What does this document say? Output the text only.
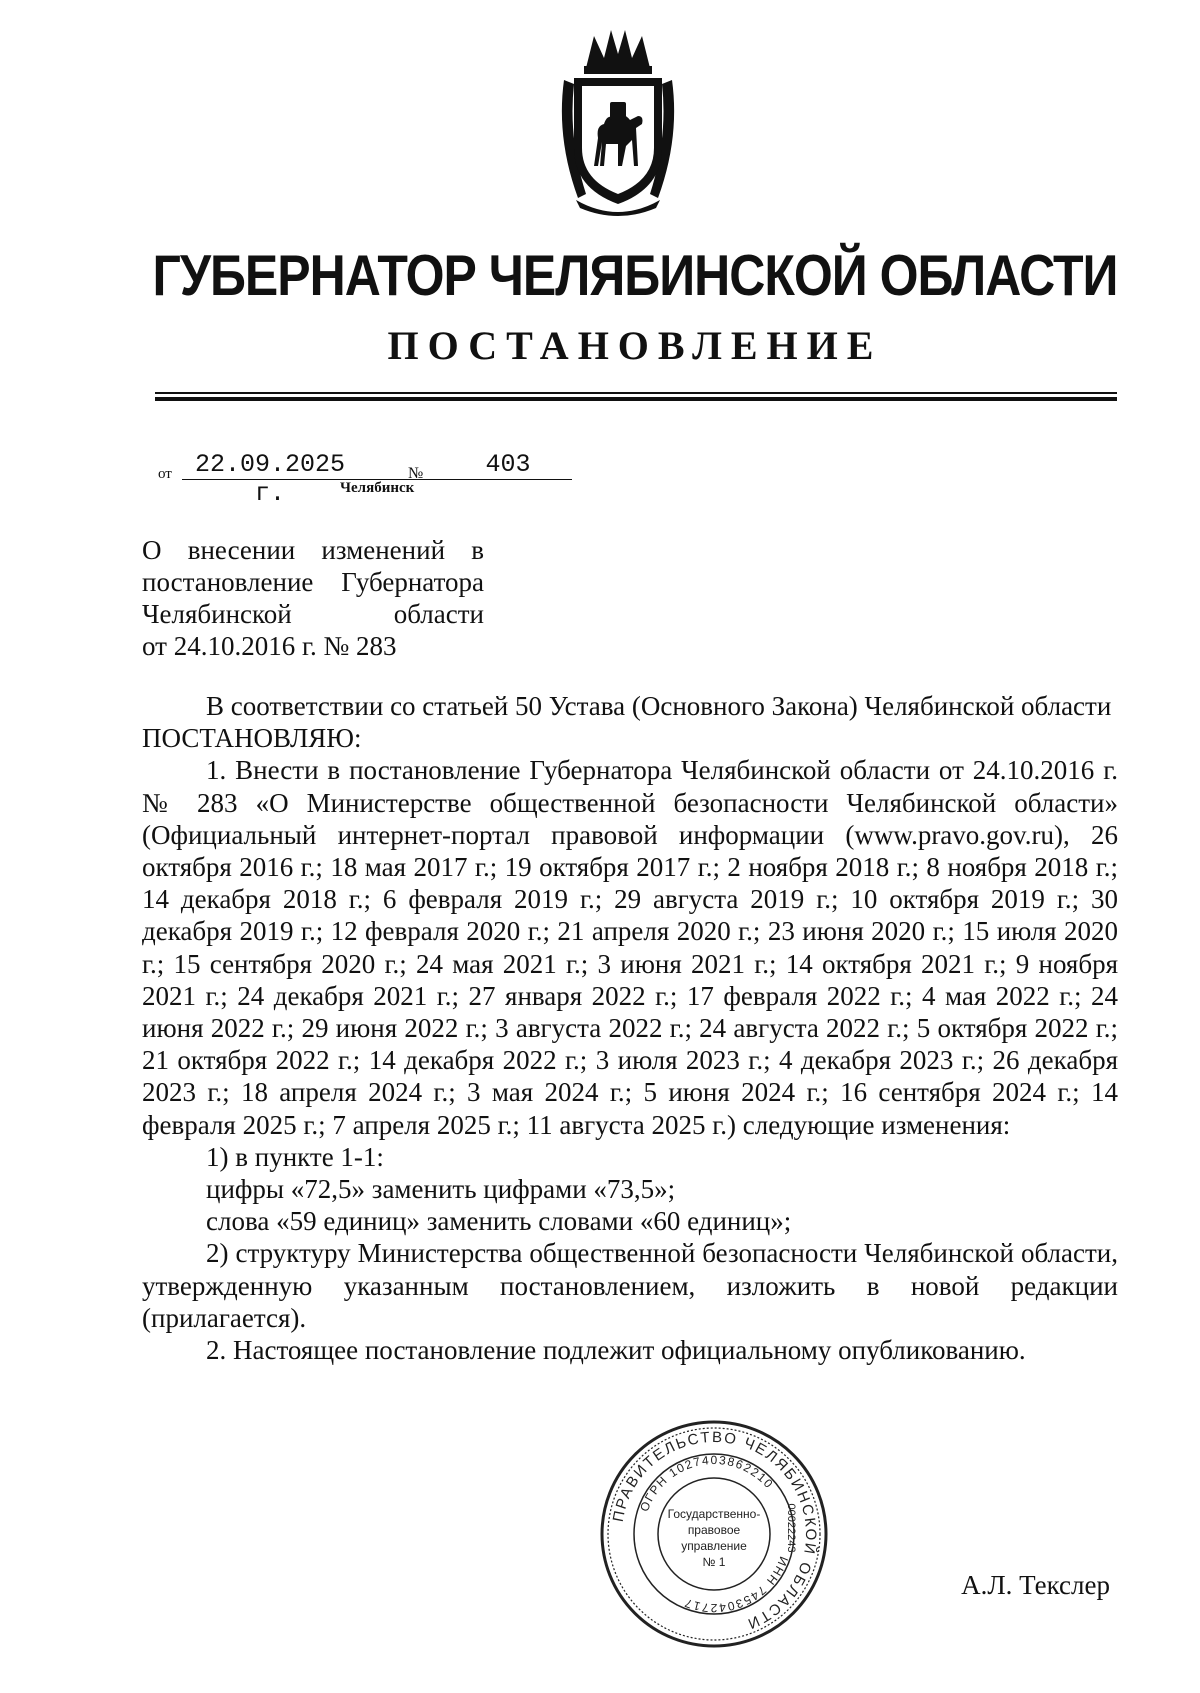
ГУБЕРНАТОР ЧЕЛЯБИНСКОЙ ОБЛАСТИ
ПОСТАНОВЛЕНИЕ
от 22.09.2025 г.
№	403
Челябинск
О внесении изменений в
постановление Губернатора
Челябинской области
от 24.10.2016 г. № 283

В соответствии со статьей 50 Устава (Основного Закона) Челябинской области

ПОСТАНОВЛЯЮ:

1. Внести в постановление Губернатора Челябинской области от 24.10.2016 г. № 283 «О Министерстве общественной безопасности Челябинской области» (Официальный интернет-портал правовой информации (www.pravo.gov.ru), 26 октября 2016 г.; 18 мая 2017 г.; 19 октября 2017 г.; 2 ноября 2018 г.; 8 ноября 2018 г.; 14 декабря 2018 г.; 6 февраля 2019 г.; 29 августа 2019 г.; 10 октября 2019 г.; 30 декабря 2019 г.; 12 февраля 2020 г.; 21 апреля 2020 г.; 23 июня 2020 г.; 15 июля 2020 г.; 15 сентября 2020 г.; 24 мая 2021 г.; 3 июня 2021 г.; 14 октября 2021 г.; 9 ноября 2021 г.; 24 декабря 2021 г.; 27 января 2022 г.; 17 февраля 2022 г.; 4 мая 2022 г.; 24 июня 2022 г.; 29 июня 2022 г.; 3 августа 2022 г.; 24 августа 2022 г.; 5 октября 2022 г.; 21 октября 2022 г.; 14 декабря 2022 г.; 3 июля 2023 г.; 4 декабря 2023 г.; 26 декабря 2023 г.; 18 апреля 2024 г.; 3 мая 2024 г.; 5 июня 2024 г.; 16 сентября 2024 г.; 14 февраля 2025 г.; 7 апреля 2025 г.; 11 августа 2025 г.) следующие изменения:

1) в пункте 1-1:

цифры «72,5» заменить цифрами «73,5»;

слова «59 единиц» заменить словами «60 единиц»;

2) структуру Министерства общественной безопасности Челябинской области, утвержденную указанным постановлением, изложить в новой редакции (прилагается).

2. Настоящее постановление подлежит официальному опубликованию.

ПРАВИТЕЛЬСТВО ЧЕЛЯБИНСКОЙ ОБЛАСТИ
ОГРН 1027403862210
ИНН 7453042717
Государственно-
правовое
управление
№ 1
00022243
А.Л. Текслер
